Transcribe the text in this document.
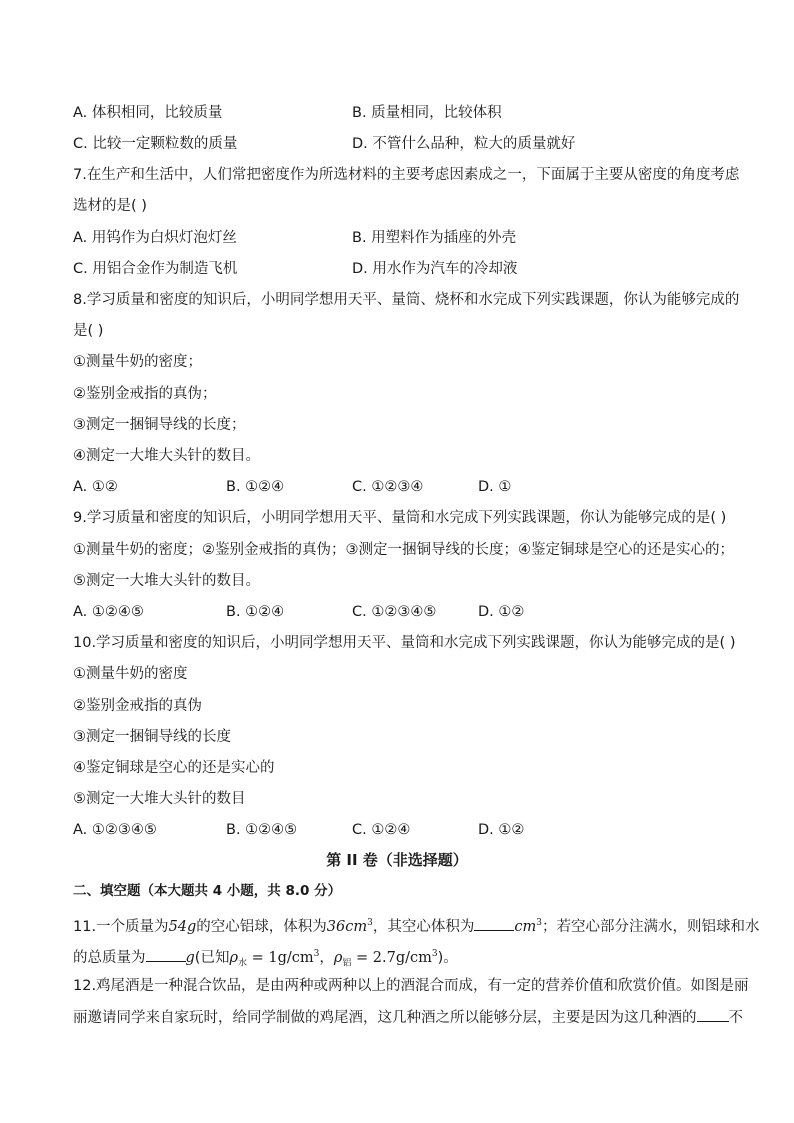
A. 体积相同，比较质量	B. 质量相同，比较体积
C. 比较一定颗粒数的质量	D. 不管什么品种，粒大的质量就好
7.在生产和生活中，人们常把密度作为所选材料的主要考虑因素成之一，下面属于主要从密度的角度考虑
选材的是( )
A. 用钨作为白炽灯泡灯丝	B. 用塑料作为插座的外壳
C. 用铝合金作为制造飞机	D. 用水作为汽车的冷却液
8.学习质量和密度的知识后，小明同学想用天平、量筒、烧杯和水完成下列实践课题，你认为能够完成的
是( )
①测量牛奶的密度；
②鉴别金戒指的真伪；
③测定一捆铜导线的长度；
④测定一大堆大头针的数目。
A. ①②	B. ①②④	C. ①②③④	D. ①
9.学习质量和密度的知识后，小明同学想用天平、量筒和水完成下列实践课题，你认为能够完成的是( )
①测量牛奶的密度；②鉴别金戒指的真伪；③测定一捆铜导线的长度；④鉴定铜球是空心的还是实心的；
⑤测定一大堆大头针的数目。
A. ①②④⑤	B. ①②④	C. ①②③④⑤	D. ①②
10.学习质量和密度的知识后，小明同学想用天平、量筒和水完成下列实践课题，你认为能够完成的是( )
①测量牛奶的密度
②鉴别金戒指的真伪
③测定一捆铜导线的长度
④鉴定铜球是空心的还是实心的
⑤测定一大堆大头针的数目
A. ①②③④⑤	B. ①②④⑤	C. ①②④	D. ①②
第 II 卷（非选择题）
二、填空题（本大题共 4 小题，共 8.0 分）
11.一个质量为54g的空心铝球，体积为$36cm^3$，其空心体积为	$cm^3$；若空心部分注满水，则铝球和水
的总质量为	g(已知$\rho_水 = 1g/cm^3$，$\rho_铝 = 2.7g/cm^3$)。
12.鸡尾酒是一种混合饮品，是由两种或两种以上的酒混合而成，有一定的营养价值和欣赏价值。如图是丽
丽邀请同学来自家玩时，给同学制做的鸡尾酒，这几种酒之所以能够分层，主要是因为这几种酒的 不
